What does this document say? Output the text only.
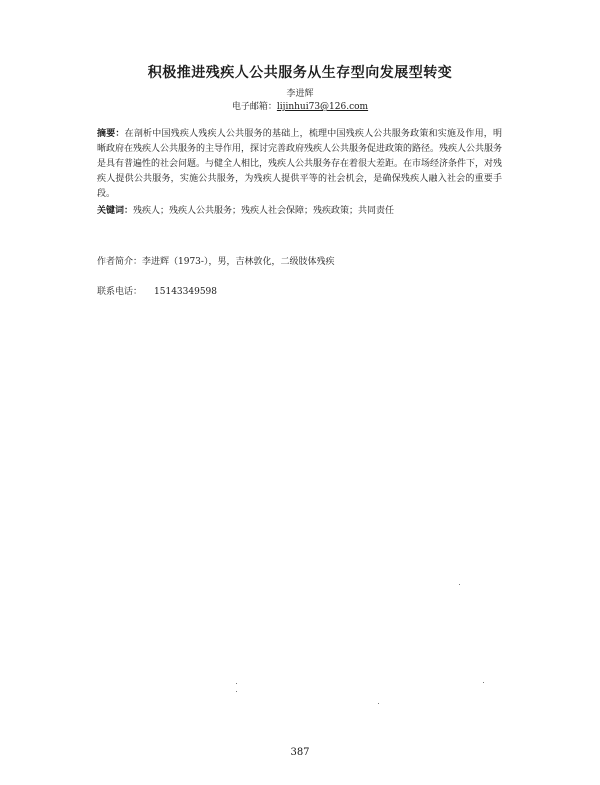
积极推进残疾人公共服务从生存型向发展型转变
李进辉
电子邮箱：lijinhui73@126.com
摘要：在剖析中国残疾人残疾人公共服务的基础上，梳理中国残疾人公共服务政策和实施及作用，明晰政府在残疾人公共服务的主导作用，探讨完善政府残疾人公共服务促进政策的路径。残疾人公共服务是具有普遍性的社会问题。与健全人相比，残疾人公共服务存在着很大差距。在市场经济条件下，对残疾人提供公共服务，实施公共服务，为残疾人提供平等的社会机会，是确保残疾人融入社会的重要手段。
关键词：残疾人；残疾人公共服务；残疾人社会保障；残疾政策；共同责任
作者简介：李进辉（1973-），男，吉林敦化，二级肢体残疾
联系电话： 15143349598
387
